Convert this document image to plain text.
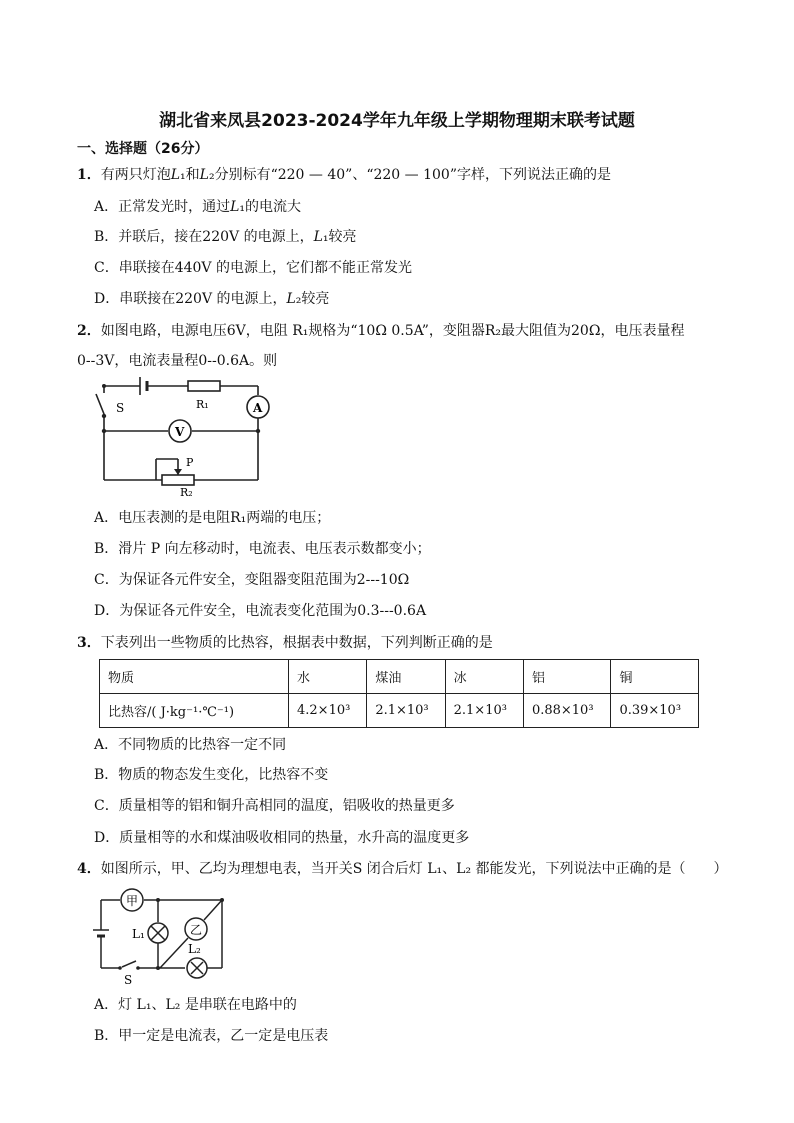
湖北省来凤县2023-2024学年九年级上学期物理期末联考试题
一、选择题（26分）
1．有两只灯泡𝐿₁和𝐿₂分别标有“220 — 40”、“220 — 100”字样，下列说法正确的是
A．正常发光时，通过𝐿₁的电流大
B．并联后，接在220V 的电源上，𝐿₁较亮
C．串联接在440V 的电源上，它们都不能正常发光
D．串联接在220V 的电源上，𝐿₂较亮
2．如图电路，电源电压6V，电阻 R₁规格为“10Ω 0.5A”，变阻器R₂最大阻值为20Ω，电压表量程
0--3V，电流表量程0--0.6A。则
A
V
S	R₁
P
R₂
A．电压表测的是电阻R₁两端的电压；
B．滑片 P 向左移动时，电流表、电压表示数都变小；
C．为保证各元件安全，变阻器变阻范围为2---10Ω
D．为保证各元件安全，电流表变化范围为0.3---0.6A
3．下表列出一些物质的比热容，根据表中数据，下列判断正确的是
物质	水	煤油	冰	铝	铜
比热容/( J·kg⁻¹·℃⁻¹)	4.2×10³	2.1×10³	2.1×10³	0.88×10³	0.39×10³
A．不同物质的比热容一定不同
B．物质的物态发生变化，比热容不变
C．质量相等的铝和铜升高相同的温度，铝吸收的热量更多
D．质量相等的水和煤油吸收相同的热量，水升高的温度更多
4．如图所示，甲、乙均为理想电表，当开关S 闭合后灯 L₁、L₂ 都能发光，下列说法中正确的是（　　）
甲
乙
L₁
L₂
S
A．灯 L₁、L₂ 是串联在电路中的
B．甲一定是电流表，乙一定是电压表
